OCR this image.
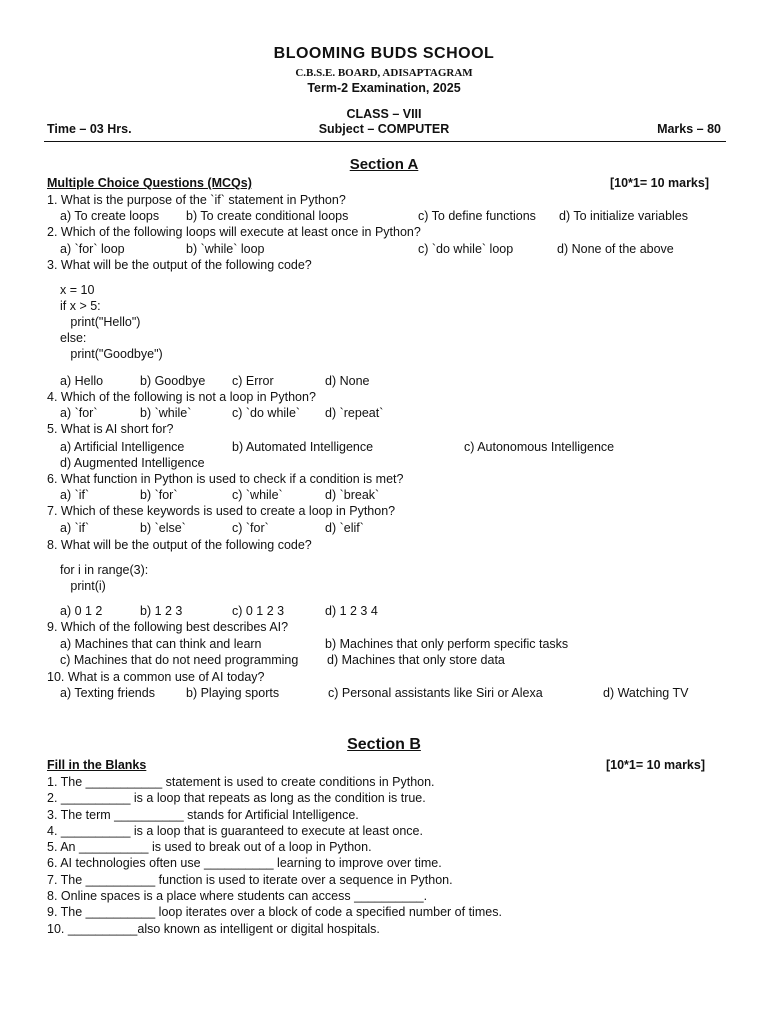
BLOOMING BUDS SCHOOL
C.B.S.E. BOARD, ADISAPTAGRAM
Term-2 Examination, 2025
CLASS – VIII
Time – 03 Hrs.	Subject – COMPUTER	Marks – 80
Section A
Multiple Choice Questions (MCQs)	[10*1= 10 marks]
1. What is the purpose of the `if` statement in Python?
a) To create loops b) To create conditional loops	c) To define functions d) To initialize variables
2. Which of the following loops will execute at least once in Python?
a) `for` loop	b) `while` loop	c) `do while` loop	d) None of the above
3. What will be the output of the following code?
x = 10
if x > 5:
print("Hello")
else:
print("Goodbye")
a) Hello	b) Goodbye c) Error	d) None
4. Which of the following is not a loop in Python?
a) `for`	b) `while`	c) `do while` d) `repeat`
5. What is AI short for?
a) Artificial Intelligence	b) Automated Intelligence	c) Autonomous Intelligence
d) Augmented Intelligence
6. What function in Python is used to check if a condition is met?
a) `if`	b) `for`	c) `while`	d) `break`
7. Which of these keywords is used to create a loop in Python?
a) `if`	b) `else`	c) `for`	d) `elif`
8. What will be the output of the following code?
for i in range(3):
print(i)
a) 0 1 2	b) 1 2 3	c) 0 1 2 3	d) 1 2 3 4
9. Which of the following best describes AI?
a) Machines that can think and learn	b) Machines that only perform specific tasks
c) Machines that do not need programming d) Machines that only store data
10. What is a common use of AI today?
a) Texting friends b) Playing sports	c) Personal assistants like Siri or Alexa	d) Watching TV
Section B
Fill in the Blanks	[10*1= 10 marks]
1. The ___________ statement is used to create conditions in Python.
2. __________ is a loop that repeats as long as the condition is true.
3. The term __________ stands for Artificial Intelligence.
4. __________ is a loop that is guaranteed to execute at least once.
5. An __________ is used to break out of a loop in Python.
6. AI technologies often use __________ learning to improve over time.
7. The __________ function is used to iterate over a sequence in Python.
8. Online spaces is a place where students can access __________.
9. The __________ loop iterates over a block of code a specified number of times.
10. __________also known as intelligent or digital hospitals.
